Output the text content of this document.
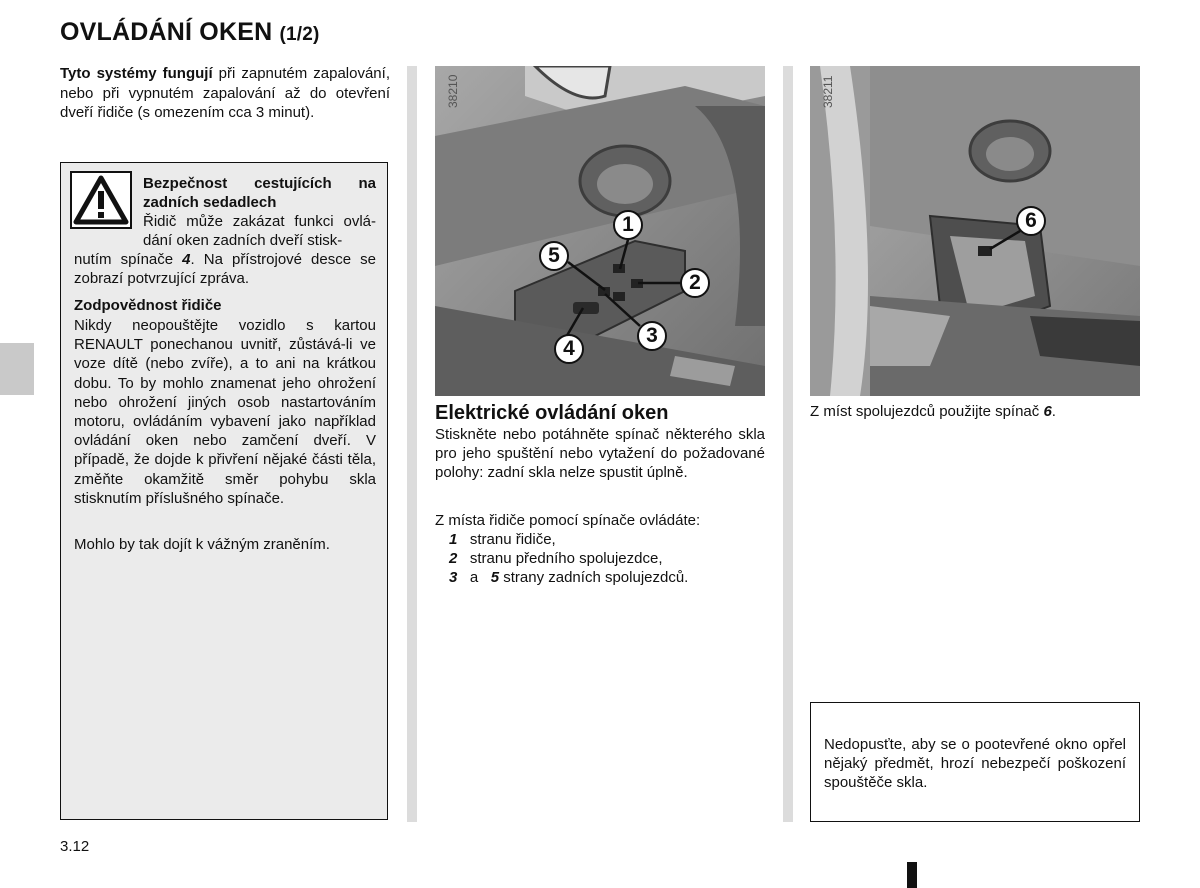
OVLÁDÁNÍ OKEN (1/2)
Tyto systémy fungují při zapnutém zapalování, nebo při vypnutém zapalování až do otevření dveří řidiče (s omezením cca 3 minut).
Bezpečnost cestujících na zadních sedadlech
Řidič může zakázat funkci ovládání oken zadních dveří stisk-
nutím spínače 4. Na přístrojové desce se zobrazí potvrzující zpráva.
Zodpovědnost řidiče
Nikdy neopouštějte vozidlo s kartou RENAULT ponechanou uvnitř, zůstává-li ve voze dítě (nebo zvíře), a to ani na krátkou dobu. To by mohlo znamenat jeho ohrožení nebo ohrožení jiných osob nastartováním motoru, ovládáním vybavení jako například ovládání oken nebo zamčení dveří. V případě, že dojde k přivření nějaké části těla, změňte okamžitě směr pohybu skla stisknutím příslušného spínače.
Mohlo by tak dojít k vážným zraněním.
38210
1
2
3
4
5
38211
6
Elektrické ovládání oken
Stiskněte nebo potáhněte spínač některého skla pro jeho spuštění nebo vytažení do požadované polohy: zadní skla nelze spustit úplně.
Z místa řidiče pomocí spínače ovládáte:
1 stranu řidiče,
2 stranu předního spolujezdce,
3 a 5 strany zadních spolujezdců.
Z míst spolujezdců použijte spínač 6.
Nedopusťte, aby se o pootevřené okno opřel nějaký předmět, hrozí nebezpečí poškození spouštěče skla.
3.12
